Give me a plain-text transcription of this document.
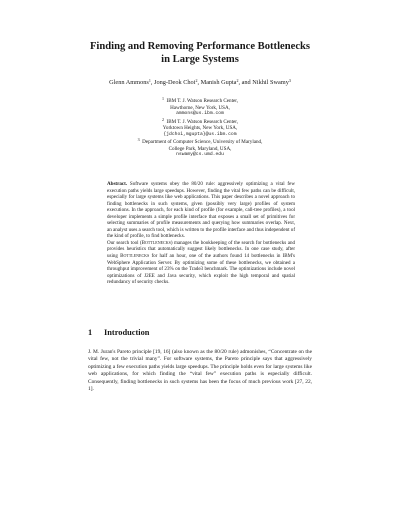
Finding and Removing Performance Bottlenecks
in Large Systems
Glenn Ammons$^1$, Jong-Deok Choi$^2$, Manish Gupta$^2$, and Nikhil Swamy$^3$
$^1$ IBM T. J. Watson Research Center,
Hawthorne, New York, USA,
ammons@us.ibm.com
$^2$ IBM T. J. Watson Research Center,
Yorktown Heights, New York, USA,
{jdchoi,mgupta}@us.ibm.com
$^3$ Department of Computer Science, University of Maryland,
College Park, Maryland, USA,
nswamy@cs.umd.edu

Abstract. Software systems obey the 80/20 rule: aggressively optimizing a vital few execution paths yields large speedups. However, finding the vital few paths can be difficult, especially for large systems like web applications. This paper describes a novel approach to finding bottlenecks in such systems, given (possibly very large) profiles of system executions. In the approach, for each kind of profile (for example, call-tree profiles), a tool developer implements a simple profile interface that exposes a small set of primitives for selecting summaries of profile measurements and querying how summaries overlap. Next, an analyst uses a search tool, which is written to the profile interface and thus independent of the kind of profile, to find bottlenecks.

Our search tool (Bottlenecks) manages the bookkeeping of the search for bottlenecks and provides heuristics that automatically suggest likely bottlenecks. In one case study, after using Bottlenecks for half an hour, one of the authors found 14 bottlenecks in IBM's WebSphere Application Server. By optimizing some of these bottlenecks, we obtained a throughput improvement of 23% on the Trade3 benchmark. The optimizations include novel optimizations of J2EE and Java security, which exploit the high temporal and spatial redundancy of security checks.

1 Introduction

J. M. Juran's Pareto principle [19, 16] (also known as the 80/20 rule) admonishes, “Concentrate on the vital few, not the trivial many”. For software systems, the Pareto principle says that aggressively optimizing a few execution paths yields large speedups. The principle holds even for large systems like web applications, for which finding the “vital few” execution paths is especially difficult. Consequently, finding bottlenecks in such systems has been the focus of much previous work [27, 22, 1].
